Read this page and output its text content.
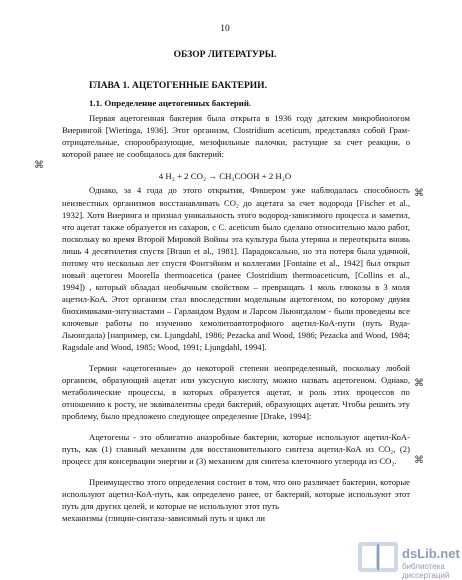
10
ОБЗОР ЛИТЕРАТУРЫ.
ГЛАВА 1. АЦЕТОГЕННЫЕ БАКТЕРИИ.
1.1. Определение ацетогенных бактерий.
Первая ацетогенная бактерия была открыта в 1936 году датским микробиологом
Виерингой [Wieringa, 1936]. Этот организм, Clostridium aceticum, представлял собой Грам-
отрицательные, спорообразующие, мезофильные палочки, растущие за счет реакции, о
которой ранее не сообщалось для бактерий:
4 H₂ + 2 CO₂ → CH₃COOH + 2 H₂O
Однако, за 4 года до этого открытия, Фишером уже наблюдалась способность
неизвестных организмов восстанавливать CO₂ до ацетата за счет водорода [Fischer et al.,
1932]. Хотя Виеринга и признал уникальность этого водород-зависимого процесса и заметил,
что ацетат также образуется из сахаров, с C. aceticum было сделано относительно мало работ,
поскольку во время Второй Мировой Войны эта культура была утеряна и переоткрыта вновь
лишь 4 десятилетия спустя [Braun et al., 1981]. Парадоксально, но эта потеря была удачной,
потому что несколько лет спустя Фонтэйном и коллегами [Fontaine et al., 1942] был открыт
новый ацетоген Moorella thermoacetica (ранее Clostridium thermoaceticum, [Collins et al.,
1994]) , который обладал необычным свойством – превращать 1 моль глюкозы в 3 моля
ацетил-КоА. Этот организм стал впоследствии модельным ацетогеном, по которому двумя
биохимиками-энтузиастами – Гарландом Вудом и Ларсом Льюнгдалом - были проведены все
ключевые работы по изучению хемолитоавтотрофного ацетил-КоА-пути (путь Вуда-
Льюнгдала) [например, см. Ljungdahl, 1986; Pezacka and Wood, 1986; Pezacka and Wood, 1984;
Ragsdale and Wood, 1985; Wood, 1991; Ljungdahl, 1994].
Термин «ацетогенные» до некоторой степени неопределенный, поскольку любой
организм, образующий ацетат или уксусную кислоту, можно назвать ацетогеном. Однако,
метаболические процессы, в которых образуется ацетат, и роль этих процессов по
отношению к росту, не эквивалентны среди бактерий, образующих ацетат. Чтобы решить эту
проблему, было предложено следующее определение [Drake, 1994]:
Ацетогены - это облигатно анаэробные бактерии, которые используют ацетил-КоА-
путь, как (1) главный механизм для восстановительного синтеза ацетил-КоА из CO₂, (2)
процесс для консервации энергии и (3) механизм для синтеза клеточного углерода из CO₂.
Преимущество этого определения состоит в том, что оно различает бактерии, которые
используют ацетил-КоА-путь, как определено ранее, от бактерий, которые используют этот
путь для других целей, и которые не используют этот путь
механизмы (глицин-синтаза-зависимый путь и цикл ли
⌘
⌘
⌘
⌘
dsLib.net
библиотека диссертаций
